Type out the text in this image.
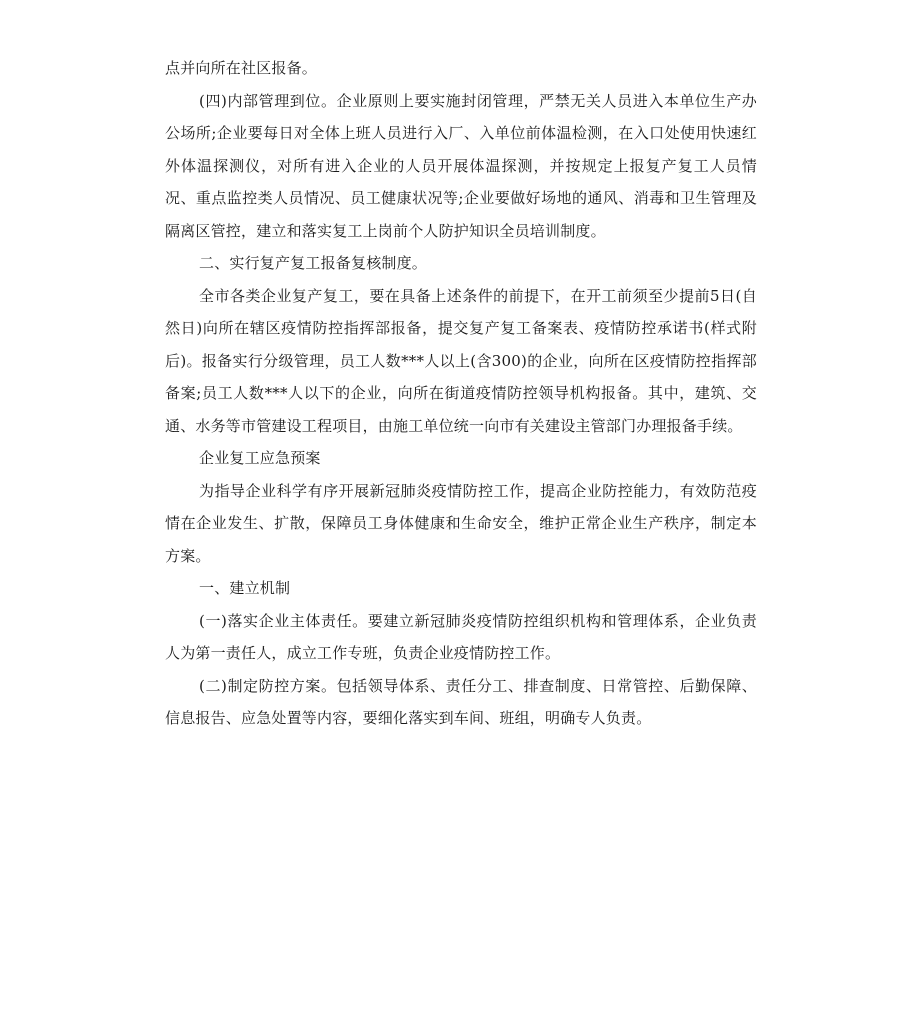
点并向所在社区报备。

(四)内部管理到位。企业原则上要实施封闭管理，严禁无关人员进入本单位生产办公场所;企业要每日对全体上班人员进行入厂、入单位前体温检测，在入口处使用快速红外体温探测仪，对所有进入企业的人员开展体温探测，并按规定上报复产复工人员情况、重点监控类人员情况、员工健康状况等;企业要做好场地的通风、消毒和卫生管理及隔离区管控，建立和落实复工上岗前个人防护知识全员培训制度。

二、实行复产复工报备复核制度。

全市各类企业复产复工，要在具备上述条件的前提下，在开工前须至少提前5日(自然日)向所在辖区疫情防控指挥部报备，提交复产复工备案表、疫情防控承诺书(样式附后)。报备实行分级管理，员工人数***人以上(含300)的企业，向所在区疫情防控指挥部备案;员工人数***人以下的企业，向所在街道疫情防控领导机构报备。其中，建筑、交通、水务等市管建设工程项目，由施工单位统一向市有关建设主管部门办理报备手续。

企业复工应急预案

为指导企业科学有序开展新冠肺炎疫情防控工作，提高企业防控能力，有效防范疫情在企业发生、扩散，保障员工身体健康和生命安全，维护正常企业生产秩序，制定本方案。

一、建立机制

(一)落实企业主体责任。要建立新冠肺炎疫情防控组织机构和管理体系，企业负责人为第一责任人，成立工作专班，负责企业疫情防控工作。

(二)制定防控方案。包括领导体系、责任分工、排查制度、日常管控、后勤保障、信息报告、应急处置等内容，要细化落实到车间、班组，明确专人负责。
